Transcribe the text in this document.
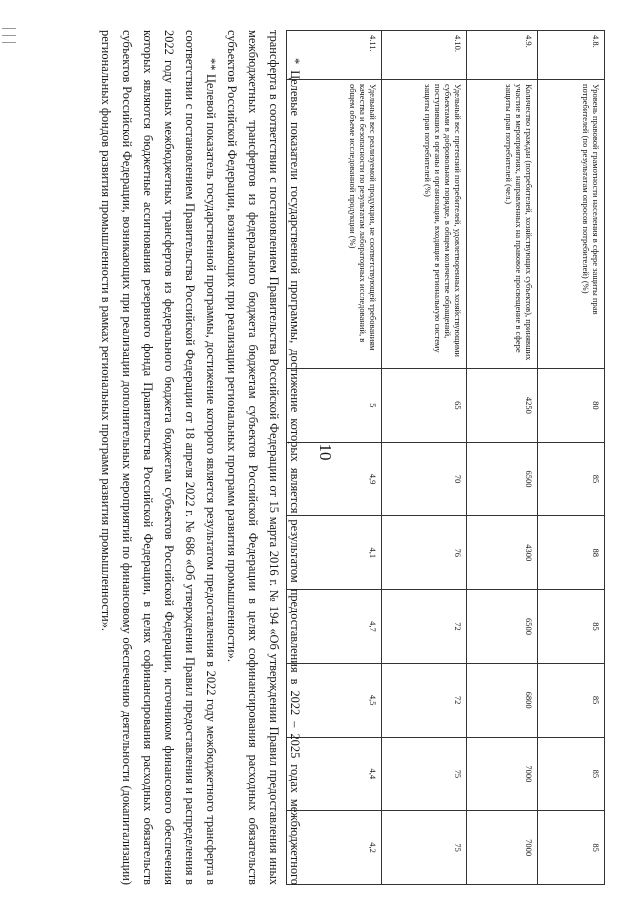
10
4.8.	Уровень правовой грамотности населения в сфере защиты прав потребителей (по результатам опросов потребителей) (%)	80	85	88	85	85	85	85
4.9.	Количество граждан (потребителей, хозяйствующих субъектов), принявших участие в мероприятиях, направленных на правовое просвещение в сфере защиты прав потребителей (чел.)	4250	6500	4300	6500	6800	7000	7000
4.10.	Удельный вес претензий потребителей, удовлетворенных хозяйствующими субъектами в добровольном порядке, в общем количестве обращений, поступивших в органы и организации, входящие в региональную систему защиты прав потребителей (%)	65	70	76	72	72	75	75
4.11.	Удельный вес реализуемой продукции, не соответствующей требованиям качества и безопасности по результатам лабораторных исследований, в общем объеме исследованной продукции (%)	5	4,9	4,1	4,7	4,5	4,4	4,2

* Целевые показатели государственной программы, достижение которых является результатом предоставления в 2022 – 2025 годах межбюджетного трансферта в соответствии с постановлением Правительства Российской Федерации от 15 марта 2016 г. № 194 «Об утверждении Правил предоставления иных межбюджетных трансфертов из федерального бюджета бюджетам субъектов Российской Федерации в целях софинансирования расходных обязательств субъектов Российской Федерации, возникающих при реализации региональных программ развития промышленности».

** Целевой показатель государственной программы, достижение которого является результатом предоставления в 2022 году межбюджетного трансферта в соответствии с постановлением Правительства Российской Федерации от 18 апреля 2022 г. № 686 «Об утверждении Правил предоставления и распределения в 2022 году иных межбюджетных трансфертов из федерального бюджета бюджетам субъектов Российской Федерации, источником финансового обеспечения которых являются бюджетные ассигнования резервного фонда Правительства Российской Федерации, в целях софинансирования расходных обязательств субъектов Российской Федерации, возникающих при реализации дополнительных мероприятий по финансовому обеспечению деятельности (докапитализации) региональных фондов развития промышленности в рамках региональных программ развития промышленности».
